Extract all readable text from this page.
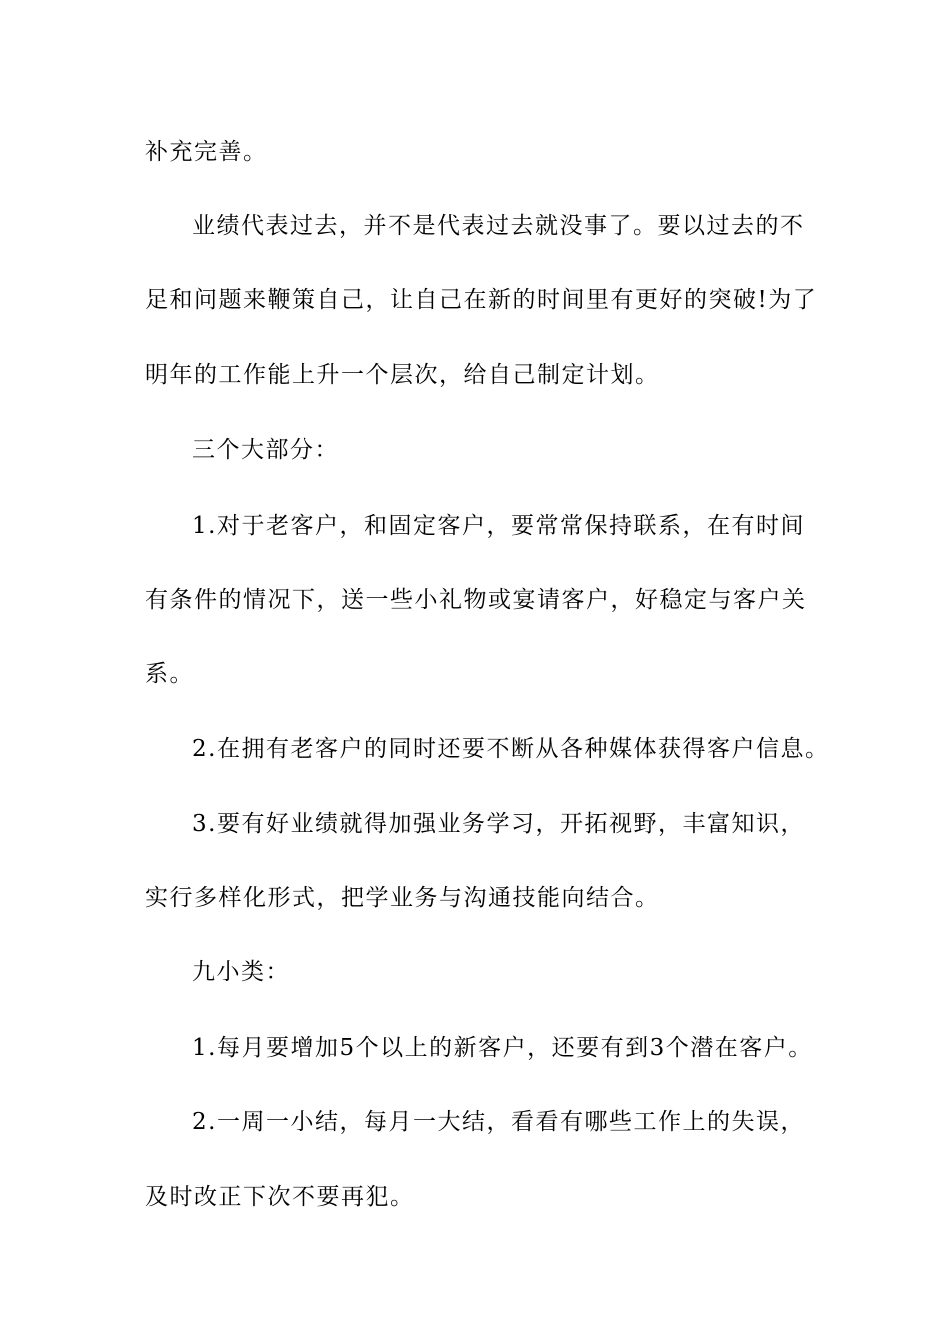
补充完善。
业绩代表过去，并不是代表过去就没事了。要以过去的不
足和问题来鞭策自己，让自己在新的时间里有更好的突破!为了
明年的工作能上升一个层次，给自己制定计划。
三个大部分：
1.对于老客户，和固定客户，要常常保持联系，在有时间
有条件的情况下，送一些小礼物或宴请客户，好稳定与客户关
系。
2.在拥有老客户的同时还要不断从各种媒体获得客户信息。
3.要有好业绩就得加强业务学习，开拓视野，丰富知识，
实行多样化形式，把学业务与沟通技能向结合。
九小类：
1.每月要增加5个以上的新客户，还要有到3个潜在客户。
2.一周一小结，每月一大结，看看有哪些工作上的失误，
及时改正下次不要再犯。
